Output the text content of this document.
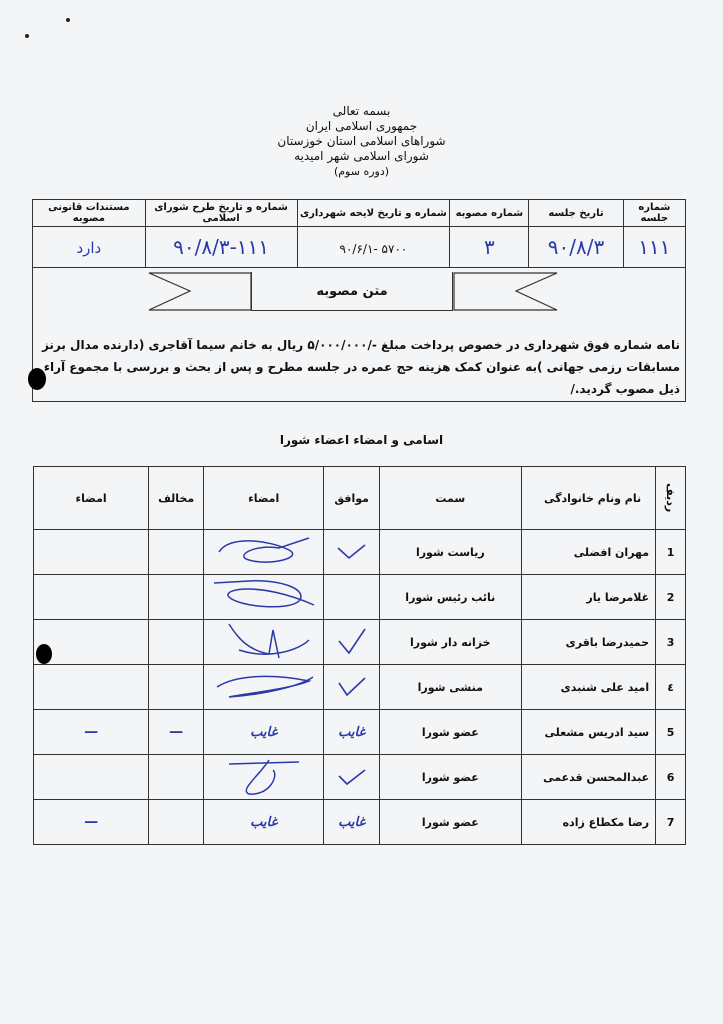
بسمه تعالی
جمهوری اسلامی ایران
شوراهای اسلامی استان خوزستان
شورای اسلامی شهر امیدیه
(دوره سوم)
شماره جلسه	تاریخ جلسه	شماره مصوبه	شماره و تاریخ لایحه شهرداری	شماره و تاریخ طرح شورای اسلامی	مستندات قانونی مصوبه
۱۱۱	۹۰/۸/۳	۳	۵۷۰۰ -۹۰/۶/۱	۹۰/۸/۳-۱۱۱	دارد
متن مصوبه
نامه شماره فوق شهرداری در خصوص پرداخت مبلغ -/۵/۰۰۰/۰۰۰ ریال به خانم سیما آقاجری (دارنده مدال برنز مسابقات رزمی جهانی )به عنوان کمک هزینه حج عمره در جلسه مطرح و پس از بحث و بررسی با مجموع آراء ذیل مصوب گردید./
اسامی و امضاء اعضاء شورا
ردیف	نام ونام خانوادگی	سمت	موافق	امضاء	مخالف	امضاء
1	مهران افضلی	ریاست شورا	

2	غلامرضا یار	نائب رئیس شورا		

3	حمیدرضا باقری	خزانه دار شورا	

٤	امید علی شنبدی	منشی شورا	

5	سید ادریس مشعلی	عضو شورا	غایب	غایب	—	—
6	عبدالمحسن قدعمی	عضو شورا	

7	رضا مکطاع زاده	عضو شورا	غایب	غایب		—
